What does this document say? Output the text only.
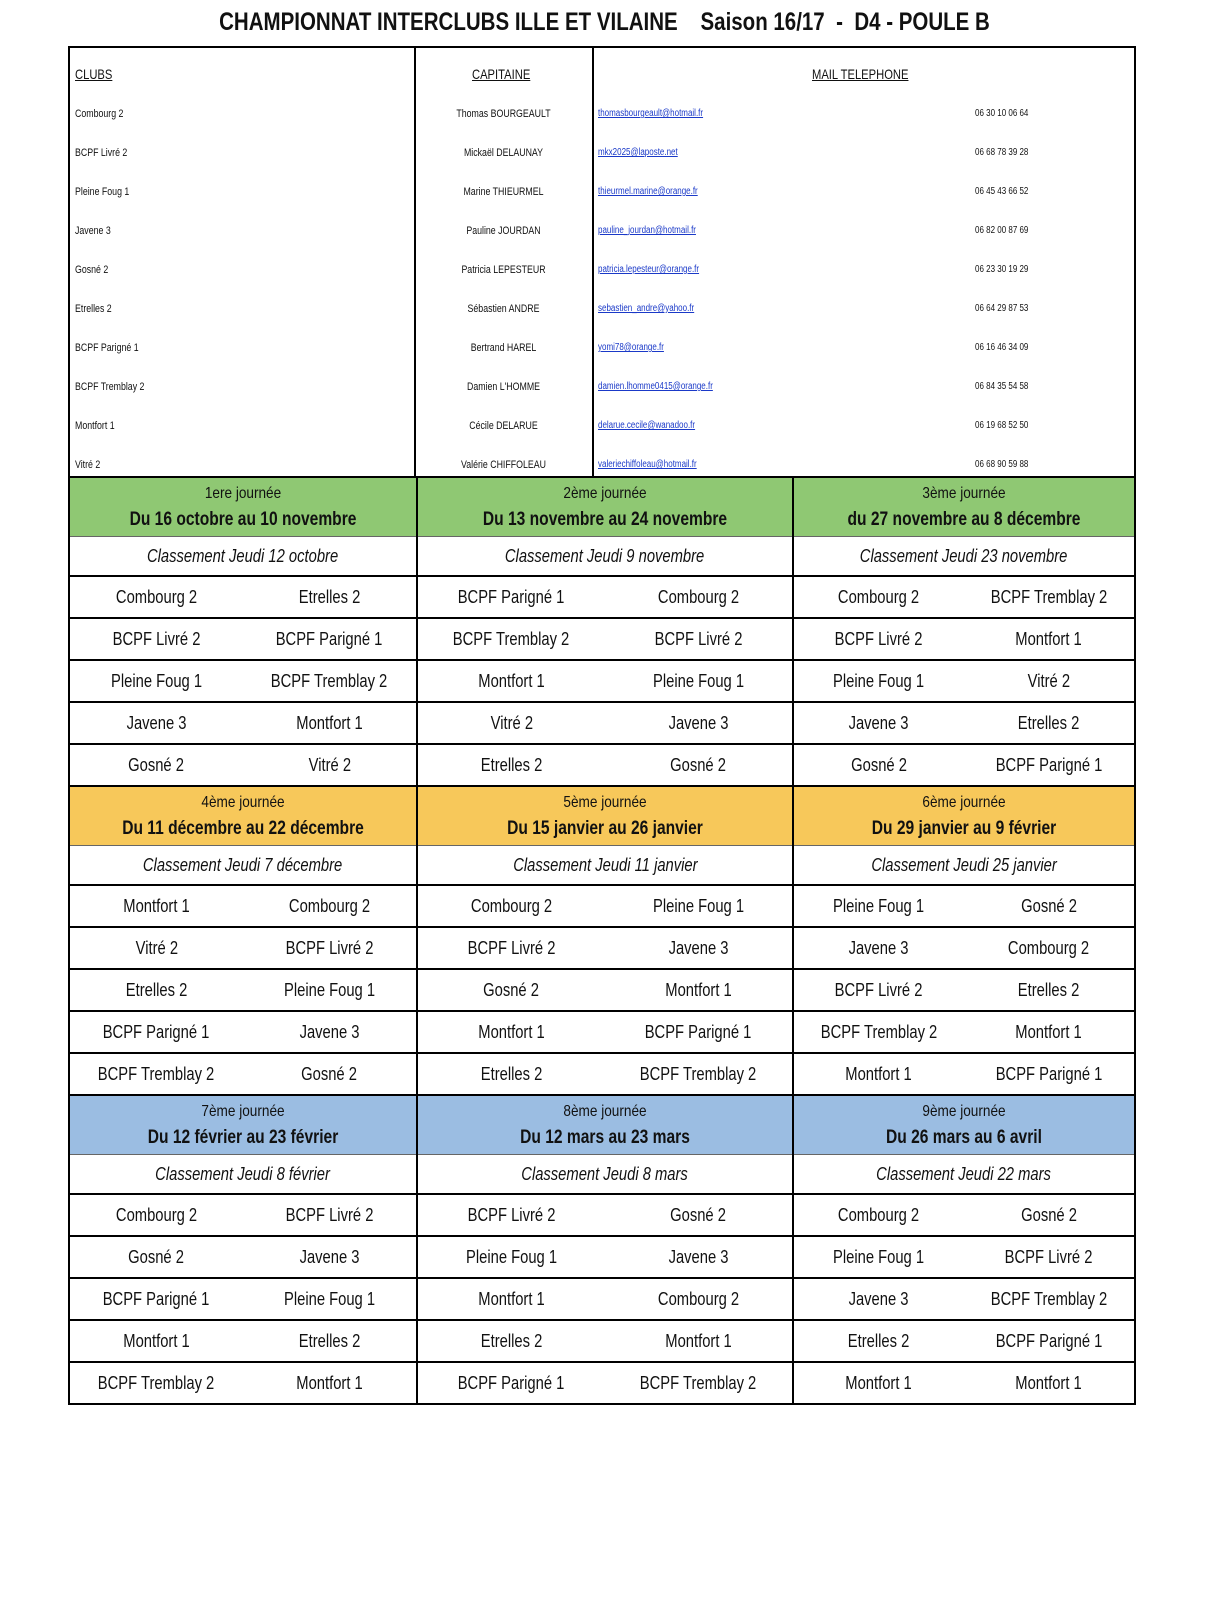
CHAMPIONNAT INTERCLUBS ILLE ET VILAINE    Saison 16/17  -  D4 - POULE B
CLUBS	CAPITAINE	MAIL TELEPHONE
Combourg 2	Thomas BOURGEAULT	thomasbourgeault@hotmail.fr	06 30 10 06 64
BCPF Livré 2	Mickaël DELAUNAY	mkx2025@laposte.net	06 68 78 39 28
Pleine Foug 1	Marine THIEURMEL	thieurmel.marine@orange.fr	06 45 43 66 52
Javene 3	Pauline JOURDAN	pauline_jourdan@hotmail.fr	06 82 00 87 69
Gosné 2	Patricia LEPESTEUR	patricia.lepesteur@orange.fr	06 23 30 19 29
Etrelles 2	Sébastien ANDRE	sebastien_andre@yahoo.fr	06 64 29 87 53
BCPF Parigné 1	Bertrand HAREL	yomi78@orange.fr	06 16 46 34 09
BCPF Tremblay 2	Damien L'HOMME	damien.lhomme0415@orange.fr	06 84 35 54 58
Montfort 1	Cécile DELARUE	delarue.cecile@wanadoo.fr	06 19 68 52 50
Vitré 2	Valérie CHIFFOLEAU	valeriechiffoleau@hotmail.fr	06 68 90 59 88
1ere journée
Du 16 octobre au 10 novembre
Classement Jeudi 12 octobre
Combourg 2	Etrelles 2
BCPF Livré 2	BCPF Parigné 1
Pleine Foug 1	BCPF Tremblay 2
Javene 3	Montfort 1
Gosné 2	Vitré 2
2ème journée
Du 13 novembre au 24 novembre
Classement Jeudi 9 novembre
BCPF Parigné 1	Combourg 2
BCPF Tremblay 2	BCPF Livré 2
Montfort 1	Pleine Foug 1
Vitré 2	Javene 3
Etrelles 2	Gosné 2
3ème journée
du 27 novembre au 8 décembre
Classement Jeudi 23 novembre
Combourg 2	BCPF Tremblay 2
BCPF Livré 2	Montfort 1
Pleine Foug 1	Vitré 2
Javene 3	Etrelles 2
Gosné 2	BCPF Parigné 1
4ème journée
Du 11 décembre au 22 décembre
Classement Jeudi 7 décembre
Montfort 1	Combourg 2
Vitré 2	BCPF Livré 2
Etrelles 2	Pleine Foug 1
BCPF Parigné 1	Javene 3
BCPF Tremblay 2	Gosné 2
5ème journée
Du 15 janvier au 26 janvier
Classement Jeudi 11 janvier
Combourg 2	Pleine Foug 1
BCPF Livré 2	Javene 3
Gosné 2	Montfort 1
Montfort 1	BCPF Parigné 1
Etrelles 2	BCPF Tremblay 2
6ème journée
Du 29 janvier au 9 février
Classement Jeudi 25 janvier
Pleine Foug 1	Gosné 2
Javene 3	Combourg 2
BCPF Livré 2	Etrelles 2
BCPF Tremblay 2	Montfort 1
Montfort 1	BCPF Parigné 1
7ème journée
Du 12 février au 23 février
Classement Jeudi 8 février
Combourg 2	BCPF Livré 2
Gosné 2	Javene 3
BCPF Parigné 1	Pleine Foug 1
Montfort 1	Etrelles 2
BCPF Tremblay 2	Montfort 1
8ème journée
Du 12 mars au 23 mars
Classement Jeudi 8 mars
BCPF Livré 2	Gosné 2
Pleine Foug 1	Javene 3
Montfort 1	Combourg 2
Etrelles 2	Montfort 1
BCPF Parigné 1	BCPF Tremblay 2
9ème journée
Du 26 mars au 6 avril
Classement Jeudi 22 mars
Combourg 2	Gosné 2
Pleine Foug 1	BCPF Livré 2
Javene 3	BCPF Tremblay 2
Etrelles 2	BCPF Parigné 1
Montfort 1	Montfort 1
